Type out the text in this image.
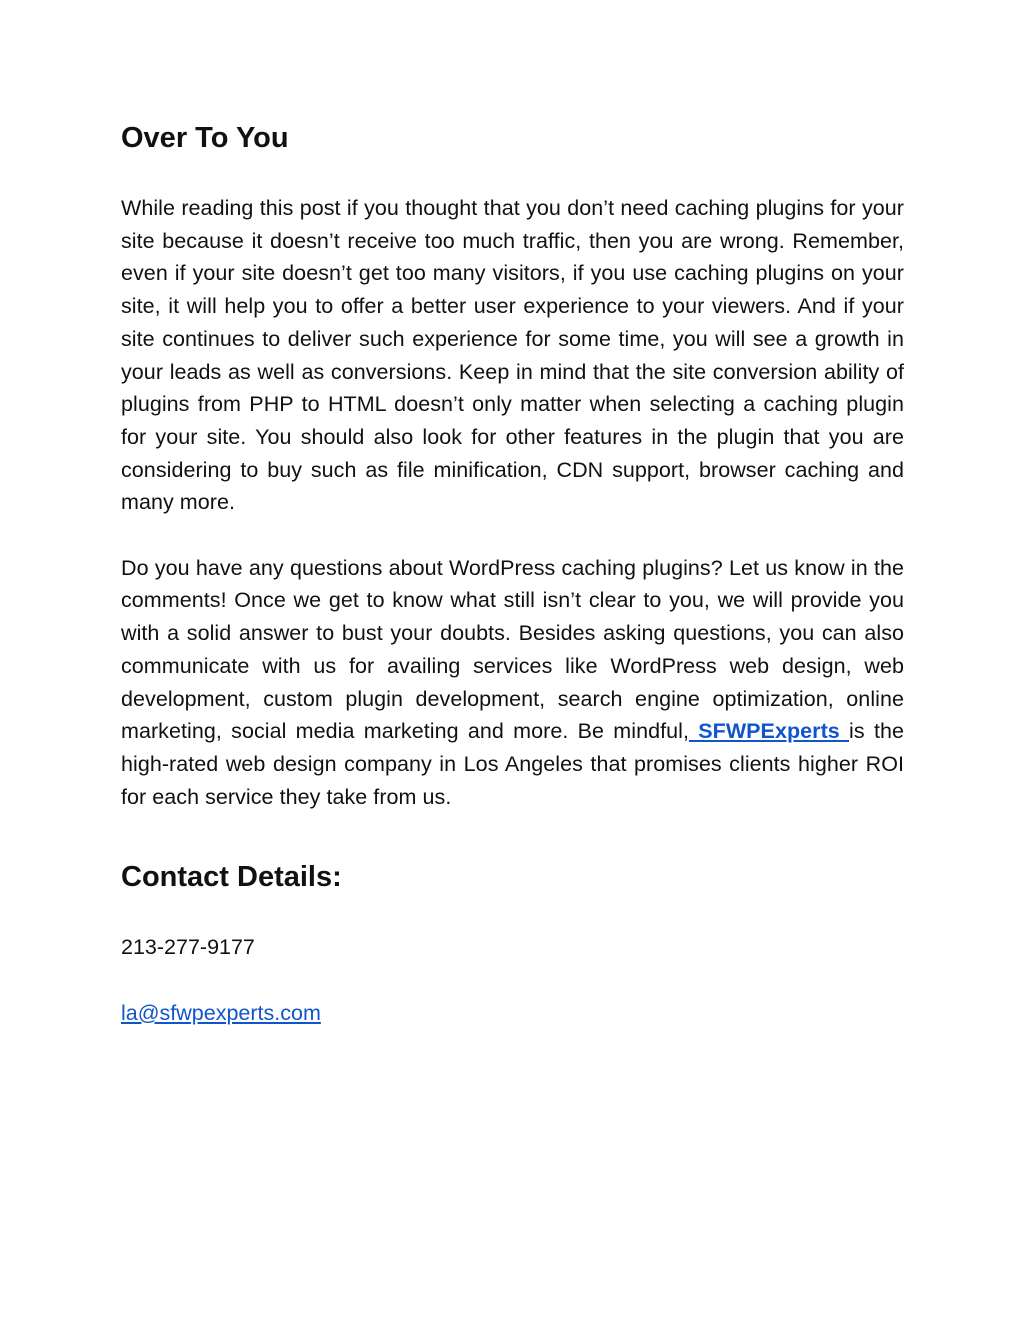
Over To You

While reading this post if you thought that you don’t need caching plugins for your site because it doesn’t receive too much traffic, then you are wrong. Remember, even if your site doesn’t get too many visitors, if you use caching plugins on your site, it will help you to offer a better user experience to your viewers. And if your site continues to deliver such experience for some time, you will see a growth in your leads as well as conversions. Keep in mind that the site conversion ability of plugins from PHP to HTML doesn’t only matter when selecting a caching plugin for your site. You should also look for other features in the plugin that you are considering to buy such as file minification, CDN support, browser caching and many more.

Do you have any questions about WordPress caching plugins? Let us know in the comments! Once we get to know what still isn’t clear to you, we will provide you with a solid answer to bust your doubts. Besides asking questions, you can also communicate with us for availing services like WordPress web design, web development, custom plugin development, search engine optimization, online marketing, social media marketing and more. Be mindful, SFWPExperts is the high-rated web design company in Los Angeles that promises clients higher ROI for each service they take from us.

Contact Details:

213-277-9177

la@sfwpexperts.com
